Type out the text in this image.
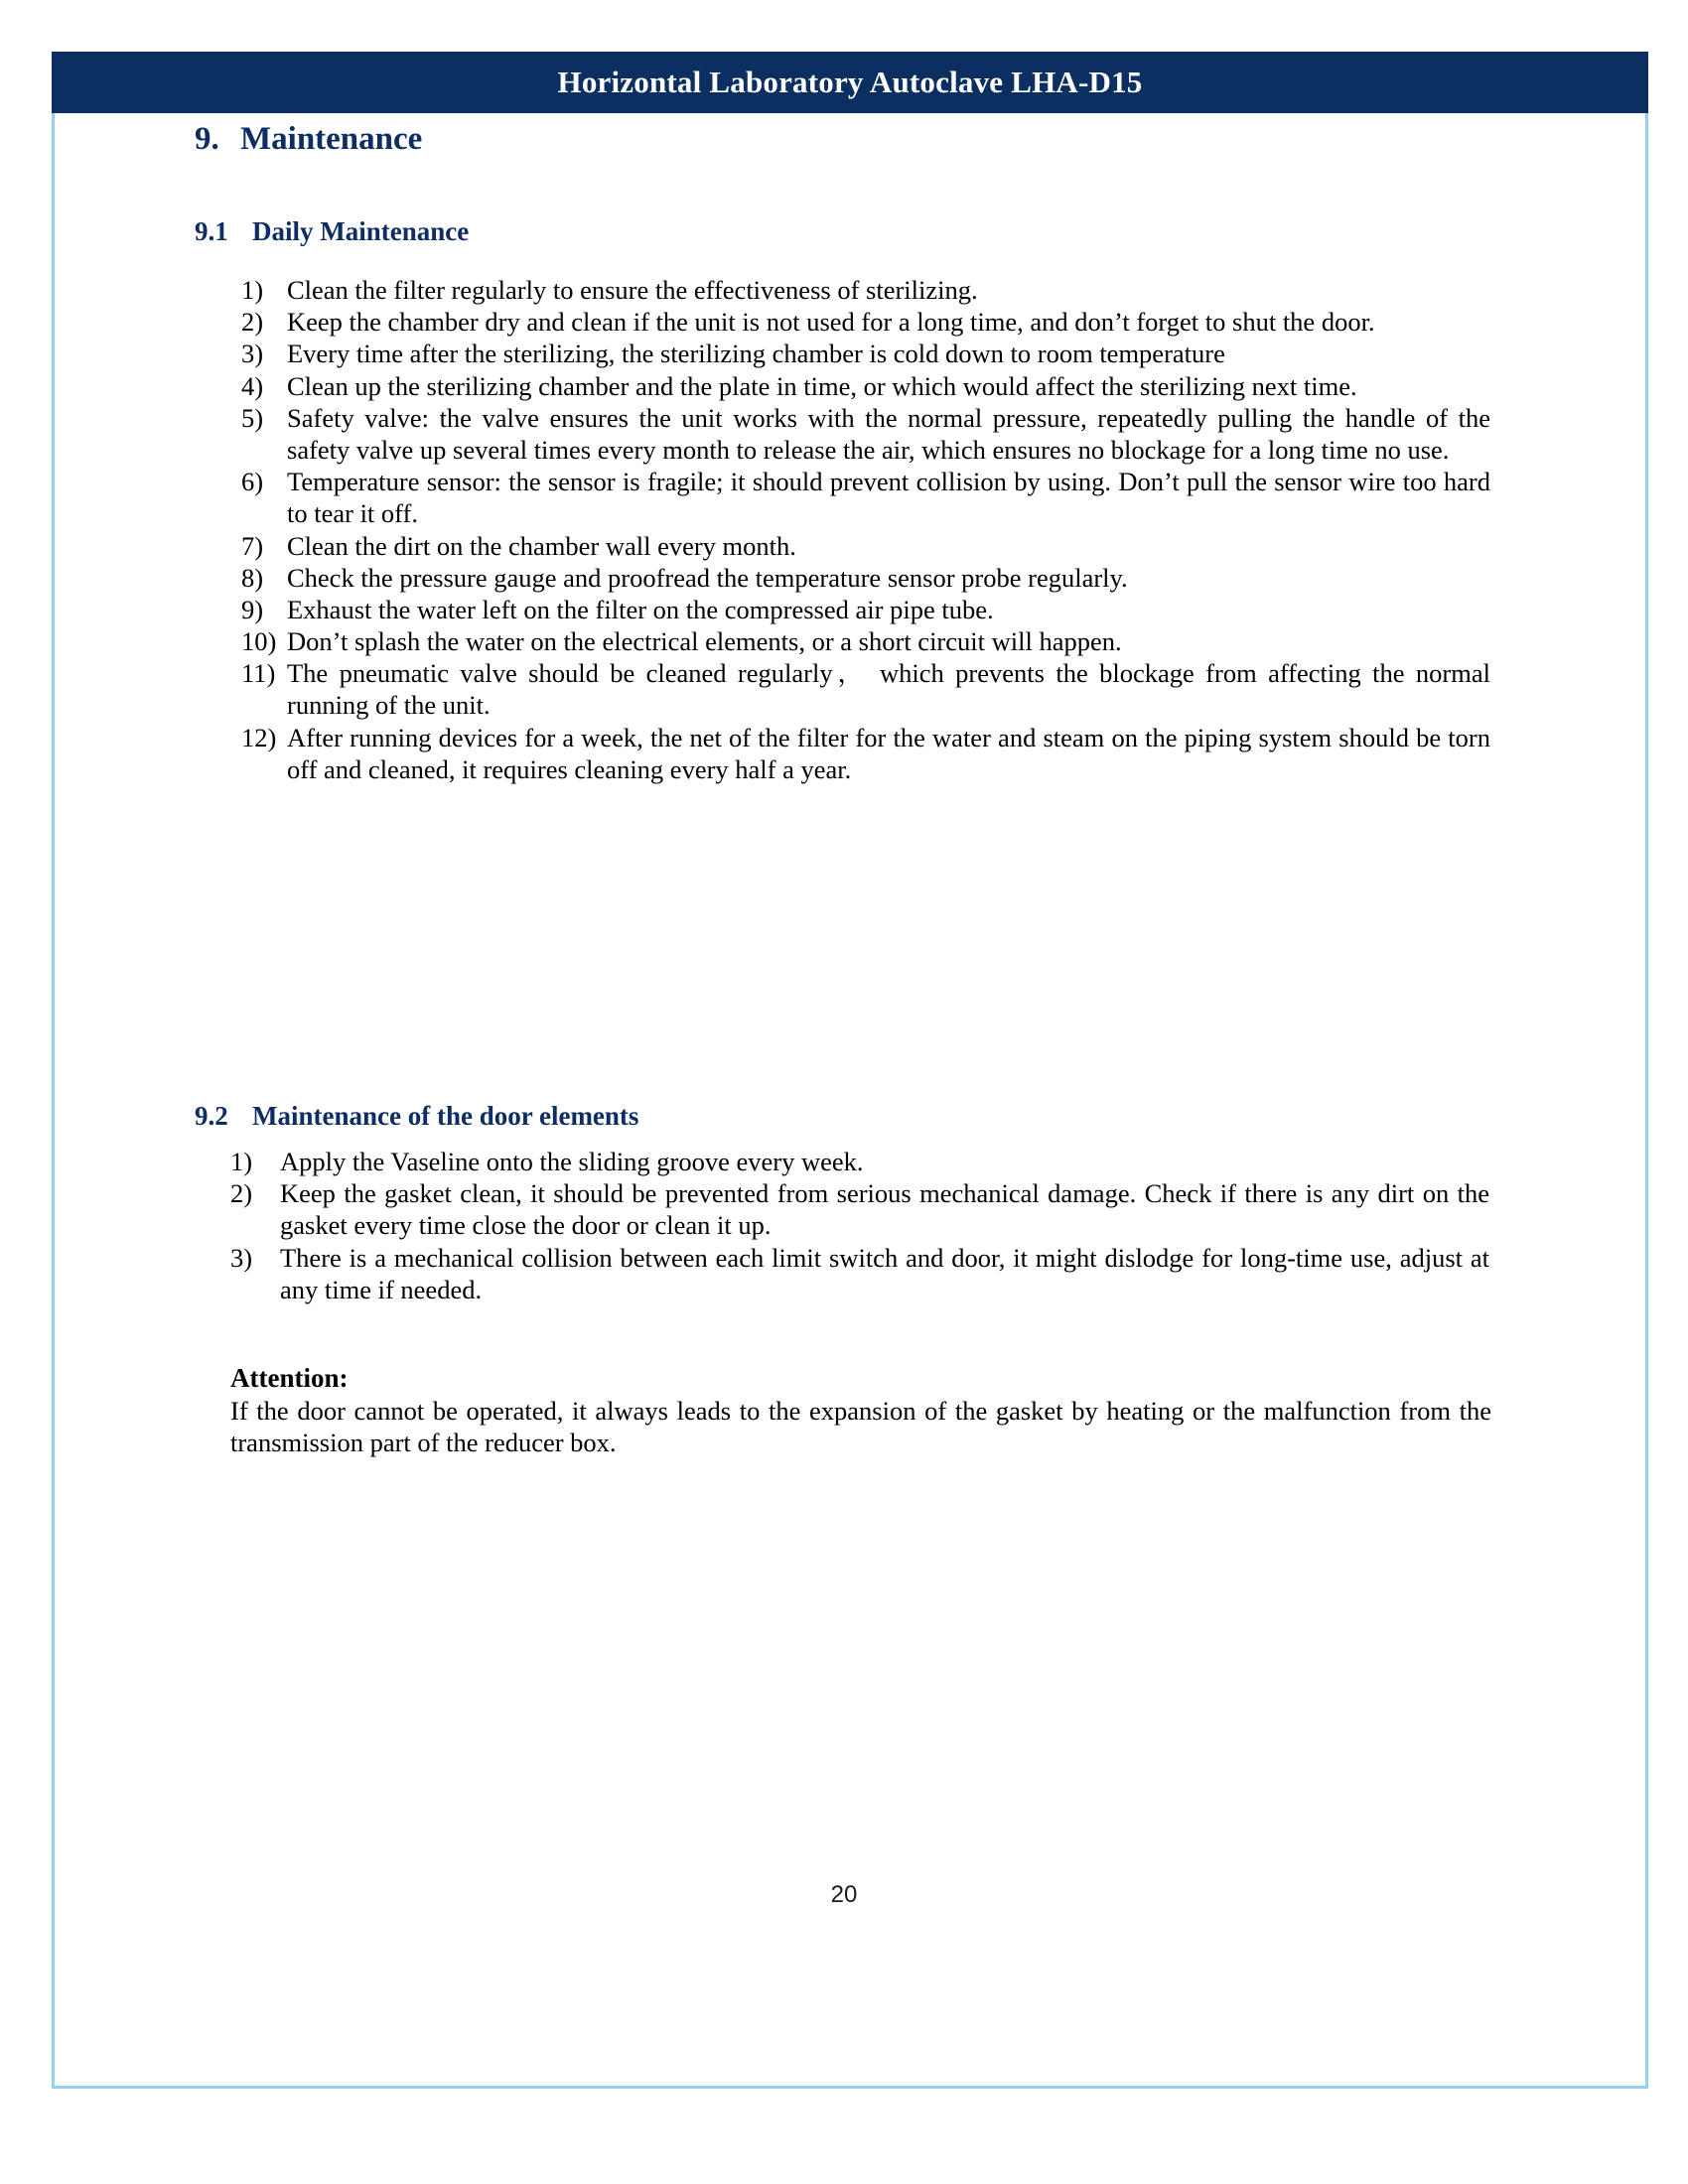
Horizontal Laboratory Autoclave LHA-D15
9. Maintenance
9.1 Daily Maintenance
1) Clean the filter regularly to ensure the effectiveness of sterilizing.
2) Keep the chamber dry and clean if the unit is not used for a long time, and don’t forget to shut the door.
3) Every time after the sterilizing, the sterilizing chamber is cold down to room temperature
4) Clean up the sterilizing chamber and the plate in time, or which would affect the sterilizing next time.
5) Safety valve: the valve ensures the unit works with the normal pressure, repeatedly pulling the handle of the safety valve up several times every month to release the air, which ensures no blockage for a long time no use.
6) Temperature sensor: the sensor is fragile; it should prevent collision by using. Don’t pull the sensor wire too hard to tear it off.
7) Clean the dirt on the chamber wall every month.
8) Check the pressure gauge and proofread the temperature sensor probe regularly.
9) Exhaust the water left on the filter on the compressed air pipe tube.
10) Don’t splash the water on the electrical elements, or a short circuit will happen.
11) The pneumatic valve should be cleaned regularly， which prevents the blockage from affecting the normal running of the unit.
12) After running devices for a week, the net of the filter for the water and steam on the piping system should be torn off and cleaned, it requires cleaning every half a year.
9.2 Maintenance of the door elements
1)	Apply the Vaseline onto the sliding groove every week.
2)	Keep the gasket clean, it should be prevented from serious mechanical damage. Check if there is any dirt on the gasket every time close the door or clean it up.
3)	There is a mechanical collision between each limit switch and door, it might dislodge for long-time use, adjust at any time if needed.
Attention:
If the door cannot be operated, it always leads to the expansion of the gasket by heating or the malfunction from the transmission part of the reducer box.
20
